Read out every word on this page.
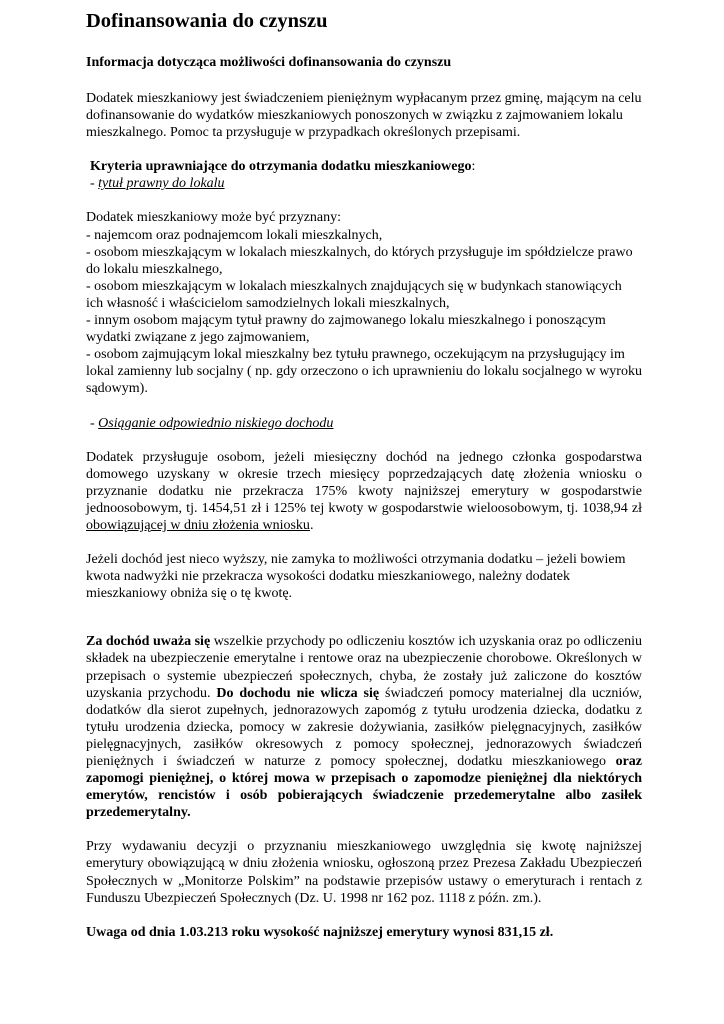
Dofinansowania do czynszu
Informacja dotycząca możliwości dofinansowania do czynszu

Dodatek mieszkaniowy jest świadczeniem pieniężnym wypłacanym przez gminę, mającym na celu dofinansowanie do wydatków mieszkaniowych ponoszonych w związku z zajmowaniem lokalu mieszkalnego. Pomoc ta przysługuje w przypadkach określonych przepisami.

Kryteria uprawniające do otrzymania dodatku mieszkaniowego:

- tytuł prawny do lokalu

Dodatek mieszkaniowy może być przyznany:

- najemcom oraz podnajemcom lokali mieszkalnych,

- osobom mieszkającym w lokalach mieszkalnych, do których przysługuje im spółdzielcze prawo do lokalu mieszkalnego,

- osobom mieszkającym w lokalach mieszkalnych znajdujących się w budynkach stanowiących ich własność i właścicielom samodzielnych lokali mieszkalnych,

- innym osobom mającym tytuł prawny do zajmowanego lokalu mieszkalnego i ponoszącym wydatki związane z jego zajmowaniem,

- osobom zajmującym lokal mieszkalny bez tytułu prawnego, oczekującym na przysługujący im lokal zamienny lub socjalny ( np. gdy orzeczono o ich uprawnieniu do lokalu socjalnego w wyroku sądowym).

- Osiąganie odpowiednio niskiego dochodu

Dodatek przysługuje osobom, jeżeli miesięczny dochód na jednego członka gospodarstwa domowego uzyskany w okresie trzech miesięcy poprzedzających datę złożenia wniosku o przyznanie dodatku nie przekracza 175% kwoty najniższej emerytury w gospodarstwie jednoosobowym, tj. 1454,51 zł i 125% tej kwoty w gospodarstwie wieloosobowym, tj. 1038,94 zł obowiązującej w dniu złożenia wniosku.

Jeżeli dochód jest nieco wyższy, nie zamyka to możliwości otrzymania dodatku – jeżeli bowiem kwota nadwyżki nie przekracza wysokości dodatku mieszkaniowego, należny dodatek mieszkaniowy obniża się o tę kwotę.

Za dochód uważa się wszelkie przychody po odliczeniu kosztów ich uzyskania oraz po odliczeniu składek na ubezpieczenie emerytalne i rentowe oraz na ubezpieczenie chorobowe. Określonych w przepisach o systemie ubezpieczeń społecznych, chyba, że zostały już zaliczone do kosztów uzyskania przychodu. Do dochodu nie wlicza się świadczeń pomocy materialnej dla uczniów, dodatków dla sierot zupełnych, jednorazowych zapomóg z tytułu urodzenia dziecka, dodatku z tytułu urodzenia dziecka, pomocy w zakresie dożywiania, zasiłków pielęgnacyjnych, zasiłków pielęgnacyjnych, zasiłków okresowych z pomocy społecznej, jednorazowych świadczeń pieniężnych i świadczeń w naturze z pomocy społecznej, dodatku mieszkaniowego oraz zapomogi pieniężnej, o której mowa w przepisach o zapomodze pieniężnej dla niektórych emerytów, rencistów i osób pobierających świadczenie przedemerytalne albo zasiłek przedemerytalny.

Przy wydawaniu decyzji o przyznaniu mieszkaniowego uwzględnia się kwotę najniższej emerytury obowiązującą w dniu złożenia wniosku, ogłoszoną przez Prezesa Zakładu Ubezpieczeń Społecznych w „Monitorze Polskim” na podstawie przepisów ustawy o emeryturach i rentach z Funduszu Ubezpieczeń Społecznych (Dz. U. 1998 nr 162 poz. 1118 z późn. zm.).

Uwaga od dnia 1.03.213 roku wysokość najniższej emerytury wynosi 831,15 zł.
